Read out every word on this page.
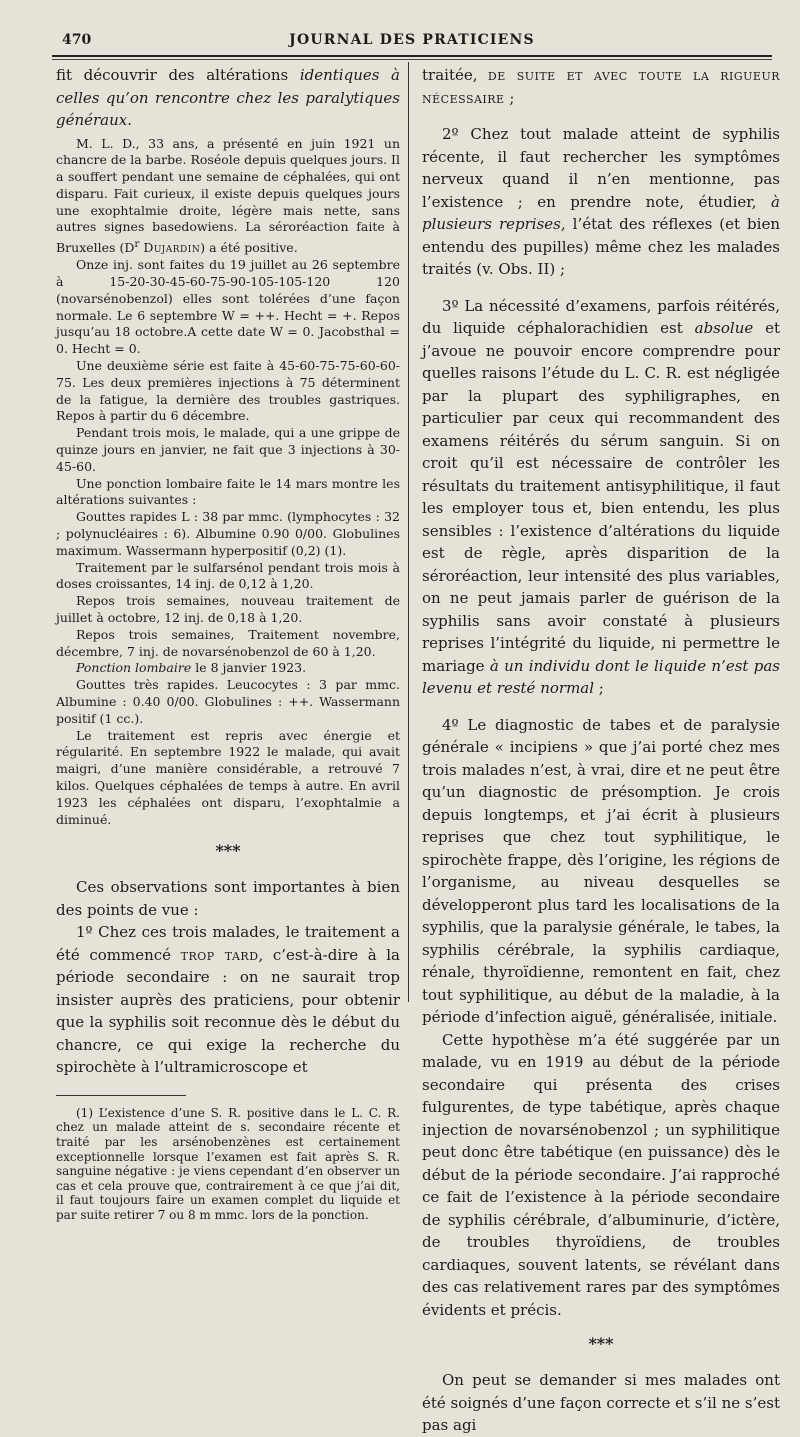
470	JOURNAL DES PRATICIENS

fit découvrir des altérations identiques à celles qu’on rencontre chez les paralytiques généraux.

M. L. D., 33 ans, a présenté en juin 1921 un chancre de la barbe. Roséole depuis quelques jours. Il a souffert pendant une semaine de céphalées, qui ont disparu. Fait curieux, il existe depuis quelques jours une exophtalmie droite, légère mais nette, sans autres signes basedowiens. La séroréaction faite à Bruxelles ($D^r$ Dujardin) a été positive.

Onze inj. sont faites du 19 juillet au 26 septembre à 15-20-30-45-60-75-90-105-105-120 120 (novarsénobenzol) elles sont tolérées d’une façon normale. Le 6 septembre W = ++. Hecht = +. Repos jusqu’au 18 octobre.A cette date W = 0. Jacobsthal = 0. Hecht = 0.

Une deuxième série est faite à 45-60-75-75-60-60-75. Les deux premières injections à 75 déterminent de la fatigue, la dernière des troubles gastriques. Repos à partir du 6 décembre.

Pendant trois mois, le malade, qui a une grippe de quinze jours en janvier, ne fait que 3 injections à 30-45-60.

Une ponction lombaire faite le 14 mars montre les altérations suivantes :

Gouttes rapides L : 38 par mmc. (lymphocytes : 32 ; polynucléaires : 6). Albumine 0.90 0/00. Globulines maximum. Wassermann hyperpositif (0,2) (1).

Traitement par le sulfarsénol pendant trois mois à doses croissantes, 14 inj. de 0,12 à 1,20.

Repos trois semaines, nouveau traitement de juillet à octobre, 12 inj. de 0,18 à 1,20.

Repos trois semaines, Traitement novembre, décembre, 7 inj. de novarsénobenzol de 60 à 1,20.

Ponction lombaire le 8 janvier 1923.

Gouttes très rapides. Leucocytes : 3 par mmc. Albumine : 0.40 0/00. Globulines : ++. Wassermann positif (1 cc.).

Le traitement est repris avec énergie et régularité. En septembre 1922 le malade, qui avait maigri, d’une manière considérable, a retrouvé 7 kilos. Quelques céphalées de temps à autre. En avril 1923 les céphalées ont disparu, l’exophtalmie a diminué.

***

Ces observations sont importantes à bien des points de vue :

1º Chez ces trois malades, le traitement a été commencé trop tard, c’est-à-dire à la période secondaire : on ne saurait trop insister auprès des praticiens, pour obtenir que la syphilis soit reconnue dès le début du chancre, ce qui exige la recherche du spirochète à l’ultramicroscope et

(1) L’existence d’une S. R. positive dans le L. C. R. chez un malade atteint de s. secondaire récente et traité par les arsénobenzènes est certainement exceptionnelle lorsque l’examen est fait après S. R. sanguine négative : je viens cependant d’en observer un cas et cela prouve que, contrairement à ce que j’ai dit, il faut toujours faire un examen complet du liquide et par suite retirer 7 ou 8 m mmc. lors de la ponction.

traitée, de suite et avec toute la rigueur nécessaire ;

2º Chez tout malade atteint de syphilis récente, il faut rechercher les symptômes nerveux quand il n’en mentionne, pas l’existence ; en prendre note, étudier, à plusieurs reprises, l’état des réflexes (et bien entendu des pupilles) même chez les malades traités (v. Obs. II) ;

3º La nécessité d’examens, parfois réitérés, du liquide céphalorachidien est absolue et j’avoue ne pouvoir encore comprendre pour quelles raisons l’étude du L. C. R. est négligée par la plupart des syphiligraphes, en particulier par ceux qui recommandent des examens réitérés du sérum sanguin. Si on croit qu’il est nécessaire de contrôler les résultats du traitement antisyphilitique, il faut les employer tous et, bien entendu, les plus sensibles : l’existence d’altérations du liquide est de règle, après disparition de la séroréaction, leur intensité des plus variables, on ne peut jamais parler de guérison de la syphilis sans avoir constaté à plusieurs reprises l’intégrité du liquide, ni permettre le mariage à un individu dont le liquide n’est pas levenu et resté normal ;

4º Le diagnostic de tabes et de paralysie générale « incipiens » que j’ai porté chez mes trois malades n’est, à vrai, dire et ne peut être qu’un diagnostic de présomption. Je crois depuis longtemps, et j’ai écrit à plusieurs reprises que chez tout syphilitique, le spirochète frappe, dès l’origine, les régions de l’organisme, au niveau desquelles se développeront plus tard les localisations de la syphilis, que la paralysie générale, le tabes, la syphilis cérébrale, la syphilis cardiaque, rénale, thyroïdienne, remontent en fait, chez tout syphilitique, au début de la maladie, à la période d’infection aiguë, généralisée, initiale.

Cette hypothèse m’a été suggérée par un malade, vu en 1919 au début de la période secondaire qui présenta des crises fulgurentes, de type tabétique, après chaque injection de novarsénobenzol ; un syphilitique peut donc être tabétique (en puissance) dès le début de la période secondaire. J’ai rapproché ce fait de l’existence à la période secondaire de syphilis cérébrale, d’albuminurie, d’ictère, de troubles thyroïdiens, de troubles cardiaques, souvent latents, se révélant dans des cas relativement rares par des symptômes évidents et précis.

***

On peut se demander si mes malades ont été soignés d’une façon correcte et s’il ne s’est pas agi
